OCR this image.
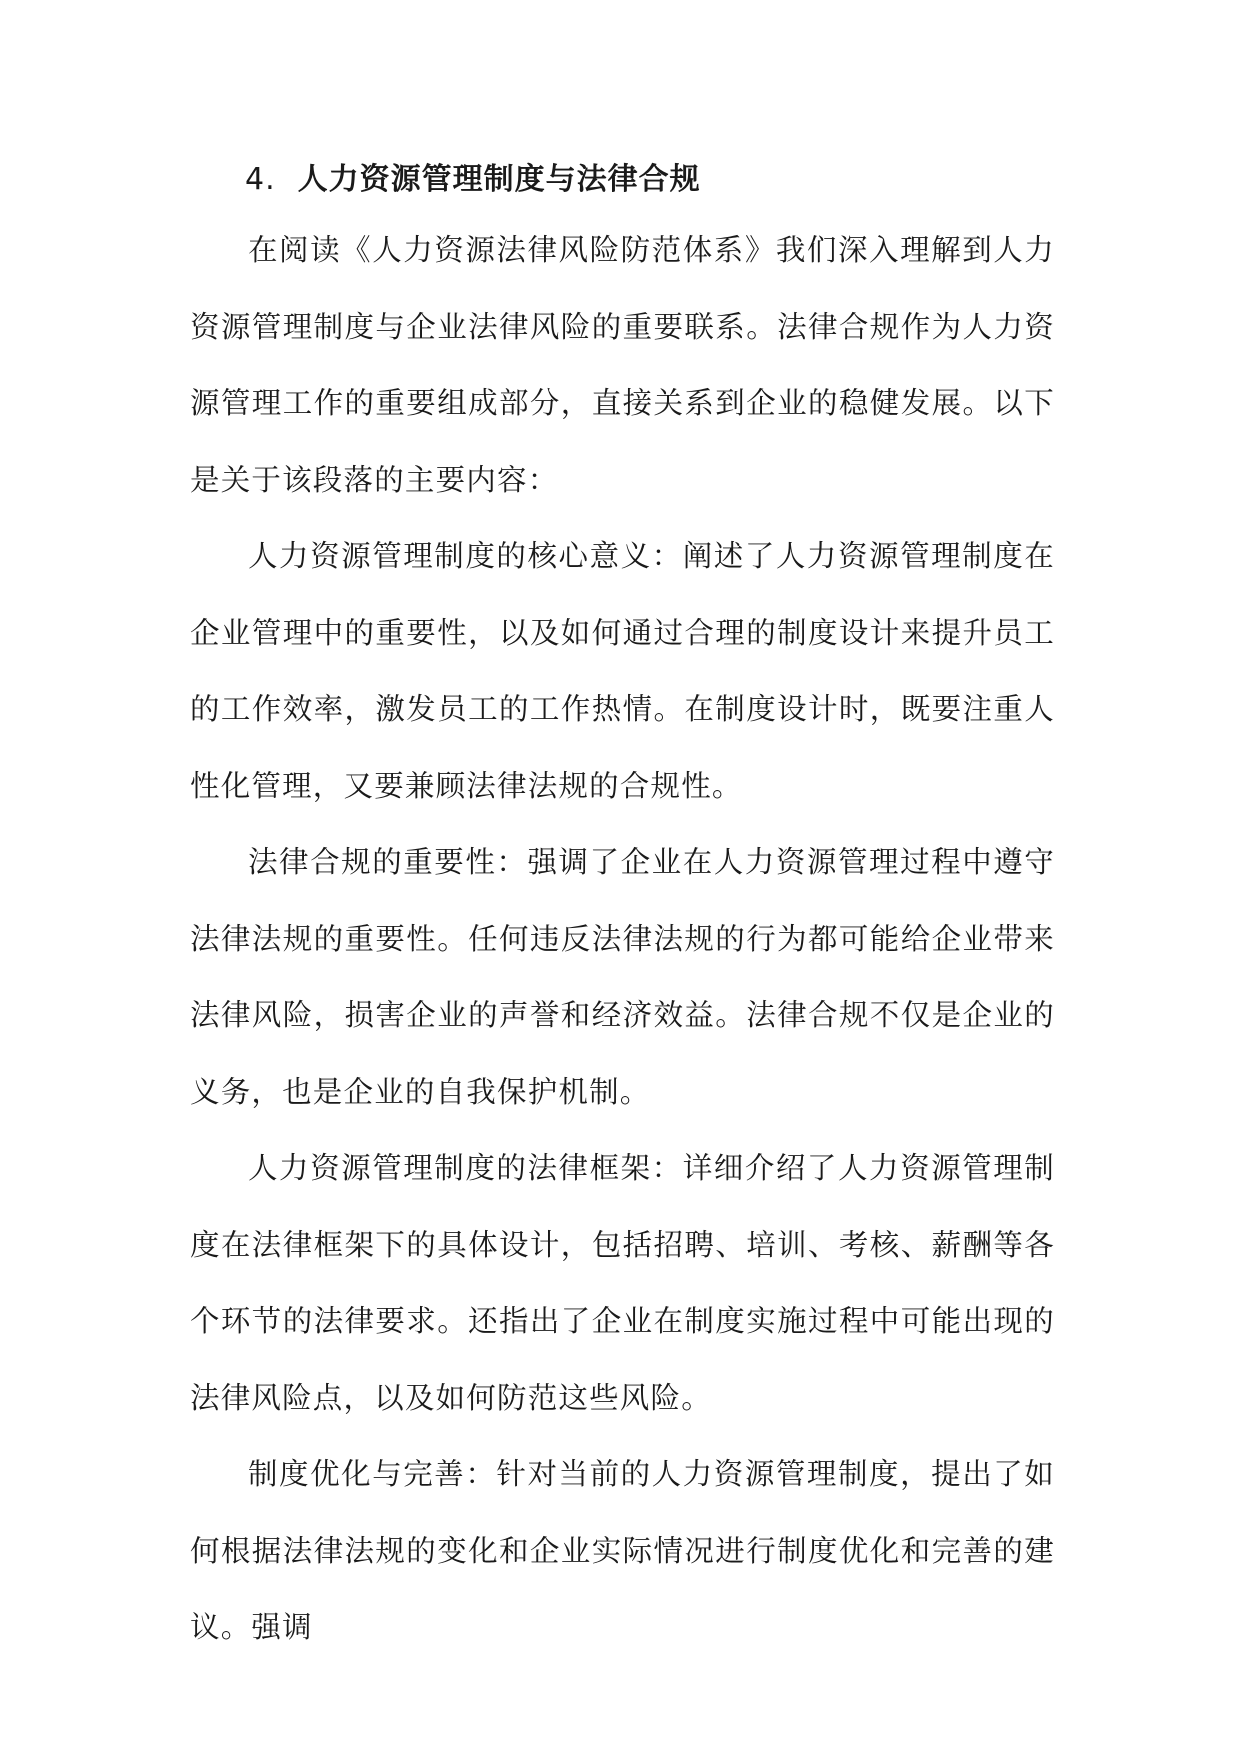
4. 人力资源管理制度与法律合规
在阅读《人力资源法律风险防范体系》我们深入理解到人力资源管理制度与企业法律风险的重要联系。法律合规作为人力资源管理工作的重要组成部分，直接关系到企业的稳健发展。以下是关于该段落的主要内容：
人力资源管理制度的核心意义：阐述了人力资源管理制度在企业管理中的重要性，以及如何通过合理的制度设计来提升员工的工作效率，激发员工的工作热情。在制度设计时，既要注重人性化管理，又要兼顾法律法规的合规性。
法律合规的重要性：强调了企业在人力资源管理过程中遵守法律法规的重要性。任何违反法律法规的行为都可能给企业带来法律风险，损害企业的声誉和经济效益。法律合规不仅是企业的义务，也是企业的自我保护机制。
人力资源管理制度的法律框架：详细介绍了人力资源管理制度在法律框架下的具体设计，包括招聘、培训、考核、薪酬等各个环节的法律要求。还指出了企业在制度实施过程中可能出现的法律风险点，以及如何防范这些风险。
制度优化与完善：针对当前的人力资源管理制度，提出了如何根据法律法规的变化和企业实际情况进行制度优化和完善的建议。强调
